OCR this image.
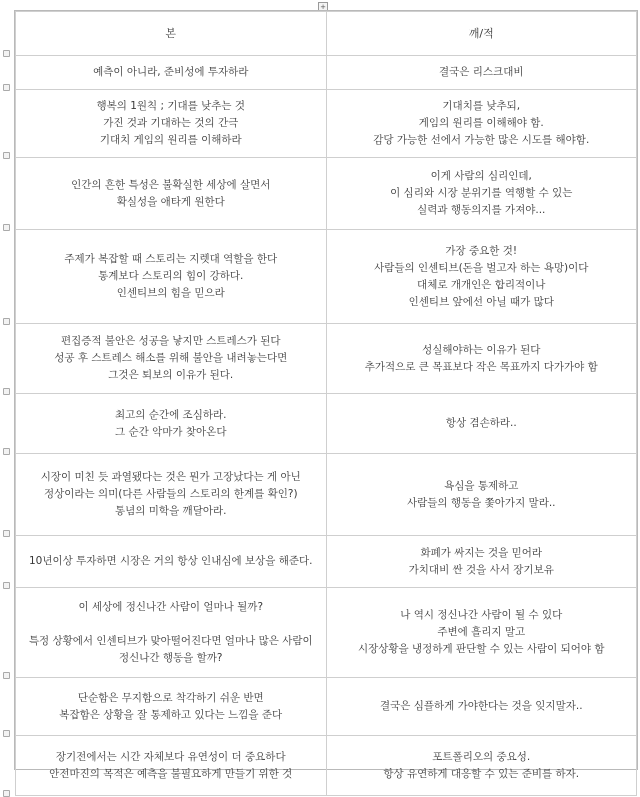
+
본	깨/적

예측이 아니라, 준비성에 투자하라	결국은 리스크대비

행복의 1원칙 ; 기대를 낮추는 것
가진 것과 기대하는 것의 간극
기대치 게임의 원리를 이해하라	기대치를 낮추되,
게임의 원리를 이해해야 함.
감당 가능한 선에서 가능한 많은 시도를 해야함.

인간의 흔한 특성은 불확실한 세상에 살면서
확실성을 애타게 원한다	이게 사람의 심리인데,
이 심리와 시장 분위기를 역행할 수 있는
실력과 행동의지를 가져야...

주제가 복잡할 때 스토리는 지렛대 역할을 한다
통계보다 스토리의 힘이 강하다.
인센티브의 힘을 믿으라	가장 중요한 것!
사람들의 인센티브(돈을 벌고자 하는 욕망)이다
대체로 개개인은 합리적이나
인센티브 앞에선 아닐 때가 많다

편집증적 불안은 성공을 낳지만 스트레스가 된다
성공 후 스트레스 해소를 위해 불안을 내려놓는다면
그것은 퇴보의 이유가 된다.	성실해야하는 이유가 된다
추가적으로 큰 목표보다 작은 목표까지 다가가야 함

최고의 순간에 조심하라.
그 순간 악마가 찾아온다	항상 겸손하라..

시장이 미친 듯 과열됐다는 것은 뭔가 고장났다는 게 아닌
정상이라는 의미(다른 사람들의 스토리의 한계를 확인?)
통념의 미학을 깨달아라.	욕심을 통제하고
사람들의 행동을 쫓아가지 말라..

10년이상 투자하면 시장은 거의 항상 인내심에 보상을 해준다.	화폐가 싸지는 것을 믿어라
가치대비 싼 것을 사서 장기보유

이 세상에 정신나간 사람이 얼마나 될까?
특정 상황에서 인센티브가 맞아떨어진다면 얼마나 많은 사람이
정신나간 행동을 할까?	나 역시 정신나간 사람이 될 수 있다
주변에 흘리지 말고
시장상황을 냉정하게 판단할 수 있는 사람이 되어야 함

단순함은 무지함으로 착각하기 쉬운 반면
복잡함은 상황을 잘 통제하고 있다는 느낌을 준다	결국은 심플하게 가야한다는 것을 잊지말자..

장기전에서는 시간 자체보다 유연성이 더 중요하다
안전마진의 목적은 예측을 불필요하게 만들기 위한 것	포트폴리오의 중요성.
항상 유연하게 대응할 수 있는 준비를 하자.
